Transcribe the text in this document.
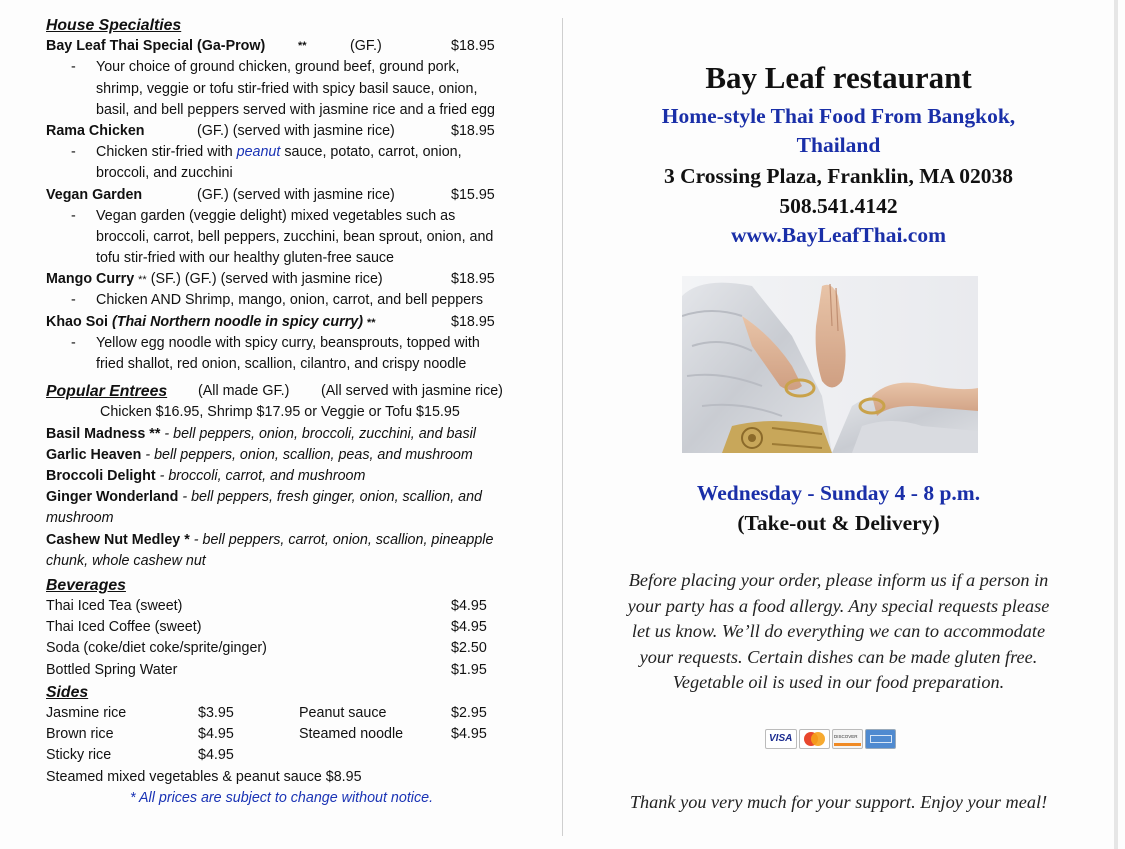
House Specialties
Bay Leaf Thai Special (Ga-Prow)	**	(GF.)	$18.95
- Your choice of ground chicken, ground beef, ground pork,
shrimp, veggie or tofu stir-fried with spicy basil sauce, onion,
basil, and bell peppers served with jasmine rice and a fried egg
Rama Chicken	(GF.) (served with jasmine rice)	$18.95
- Chicken stir-fried with peanut sauce, potato, carrot, onion,
broccoli, and zucchini
Vegan Garden	(GF.) (served with jasmine rice)	$15.95
- Vegan garden (veggie delight) mixed vegetables such as
broccoli, carrot, bell peppers, zucchini, bean sprout, onion, and
tofu stir-fried with our healthy gluten-free sauce
Mango Curry ** (SF.) (GF.) (served with jasmine rice)	$18.95
- Chicken AND Shrimp, mango, onion, carrot, and bell peppers
Khao Soi (Thai Northern noodle in spicy curry) **	$18.95
- Yellow egg noodle with spicy curry, beansprouts, topped with
fried shallot, red onion, scallion, cilantro, and crispy noodle
Popular Entrees (All made GF.) (All served with jasmine rice)
Chicken $16.95, Shrimp $17.95 or Veggie or Tofu $15.95
Basil Madness ** - bell peppers, onion, broccoli, zucchini, and basil
Garlic Heaven - bell peppers, onion, scallion, peas, and mushroom
Broccoli Delight - broccoli, carrot, and mushroom
Ginger Wonderland - bell peppers, fresh ginger, onion, scallion, and
mushroom
Cashew Nut Medley * - bell peppers, carrot, onion, scallion, pineapple
chunk, whole cashew nut
Beverages
Thai Iced Tea (sweet)	$4.95
Thai Iced Coffee (sweet)	$4.95
Soda (coke/diet coke/sprite/ginger)	$2.50
Bottled Spring Water	$1.95
Sides
Jasmine rice	$3.95	Peanut sauce	$2.95
Brown rice	$4.95	Steamed noodle	$4.95
Sticky rice	$4.95
Steamed mixed vegetables & peanut sauce $8.95
* All prices are subject to change without notice.
Bay Leaf restaurant
Home-style Thai Food From Bangkok,
Thailand
3 Crossing Plaza, Franklin, MA 02038
508.541.4142
www.BayLeafThai.com
Wednesday - Sunday 4 - 8 p.m.
(Take-out & Delivery)
Before placing your order, please inform us if a person in
your party has a food allergy. Any special requests please
let us know. We’ll do everything we can to accommodate
your requests. Certain dishes can be made gluten free.
Vegetable oil is used in our food preparation.
Thank you very much for your support. Enjoy your meal!
VISA	DISCOVER
